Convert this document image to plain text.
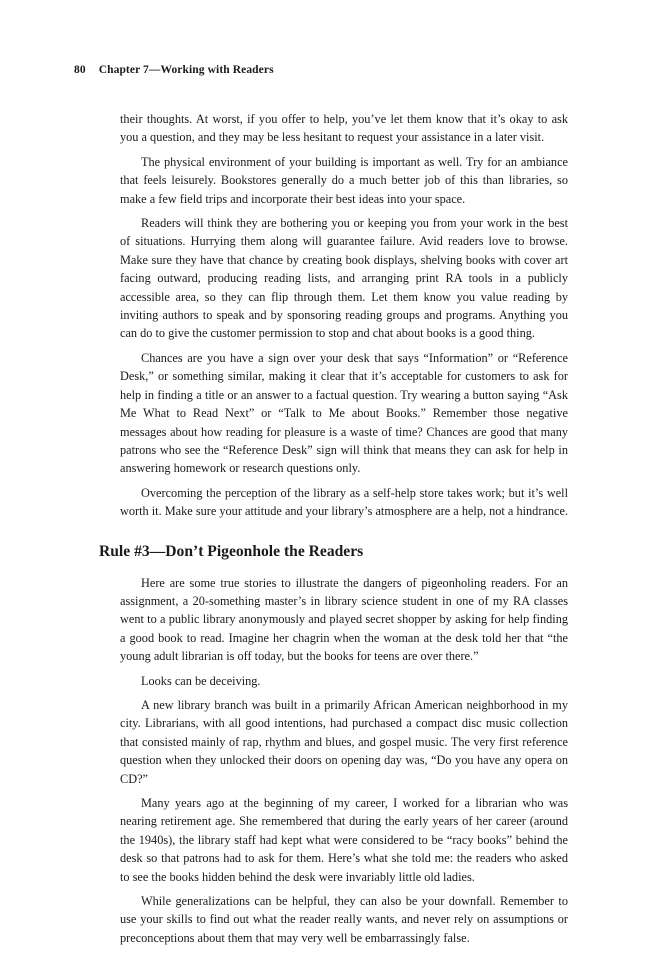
80 Chapter 7—Working with Readers

their thoughts. At worst, if you offer to help, you’ve let them know that it’s okay to ask you a question, and they may be less hesitant to request your assistance in a later visit.

The physical environment of your building is important as well. Try for an ambiance that feels leisurely. Bookstores generally do a much better job of this than libraries, so make a few field trips and incorporate their best ideas into your space.

Readers will think they are bothering you or keeping you from your work in the best of situations. Hurrying them along will guarantee failure. Avid readers love to browse. Make sure they have that chance by creating book displays, shelving books with cover art facing outward, producing reading lists, and arranging print RA tools in a publicly accessible area, so they can flip through them. Let them know you value reading by inviting authors to speak and by sponsoring reading groups and programs. Anything you can do to give the customer permission to stop and chat about books is a good thing.

Chances are you have a sign over your desk that says “Information” or “Reference Desk,” or something similar, making it clear that it’s acceptable for customers to ask for help in finding a title or an answer to a factual question. Try wearing a button saying “Ask Me What to Read Next” or “Talk to Me about Books.” Remember those negative messages about how reading for pleasure is a waste of time? Chances are good that many patrons who see the “Reference Desk” sign will think that means they can ask for help in answering homework or research questions only.

Overcoming the perception of the library as a self-help store takes work; but it’s well worth it. Make sure your attitude and your library’s atmosphere are a help, not a hindrance.

Rule #3—Don’t Pigeonhole the Readers

Here are some true stories to illustrate the dangers of pigeonholing readers. For an assignment, a 20-something master’s in library science student in one of my RA classes went to a public library anonymously and played secret shopper by asking for help finding a good book to read. Imagine her chagrin when the woman at the desk told her that “the young adult librarian is off today, but the books for teens are over there.”

Looks can be deceiving.

A new library branch was built in a primarily African American neighborhood in my city. Librarians, with all good intentions, had purchased a compact disc music collection that consisted mainly of rap, rhythm and blues, and gospel music. The very first reference question when they unlocked their doors on opening day was, “Do you have any opera on CD?”

Many years ago at the beginning of my career, I worked for a librarian who was nearing retirement age. She remembered that during the early years of her career (around the 1940s), the library staff had kept what were considered to be “racy books” behind the desk so that patrons had to ask for them. Here’s what she told me: the readers who asked to see the books hidden behind the desk were invariably little old ladies.

While generalizations can be helpful, they can also be your downfall. Remember to use your skills to find out what the reader really wants, and never rely on assumptions or preconceptions about them that may very well be embarrassingly false.
